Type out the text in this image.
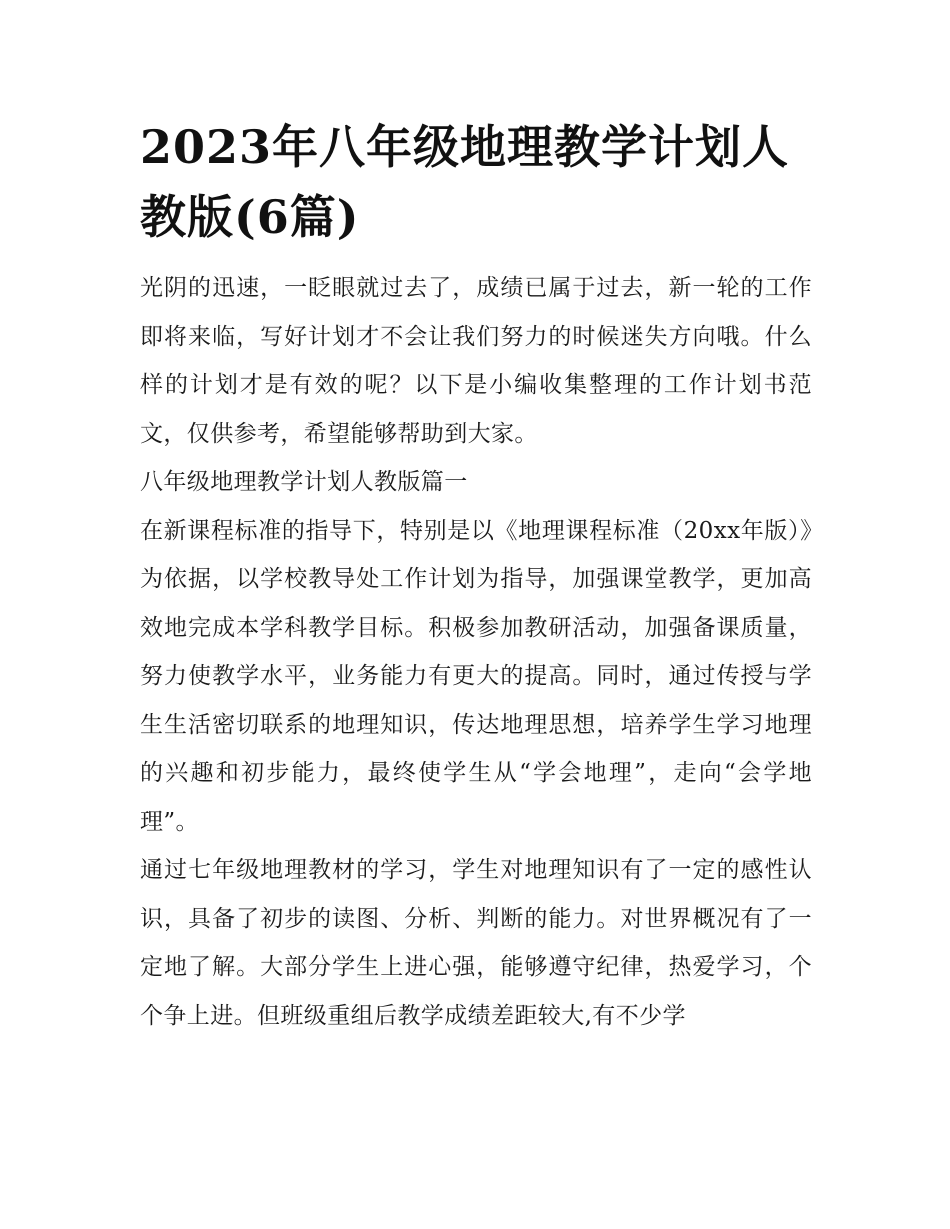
2023年八年级地理教学计划人教版(6篇)

光阴的迅速，一眨眼就过去了，成绩已属于过去，新一轮的工作即将来临，写好计划才不会让我们努力的时候迷失方向哦。什么样的计划才是有效的呢？以下是小编收集整理的工作计划书范文，仅供参考，希望能够帮助到大家。

八年级地理教学计划人教版篇一

在新课程标准的指导下，特别是以《地理课程标准（20xx年版）》为依据，以学校教导处工作计划为指导，加强课堂教学，更加高效地完成本学科教学目标。积极参加教研活动，加强备课质量，努力使教学水平，业务能力有更大的提高。同时，通过传授与学生生活密切联系的地理知识，传达地理思想，培养学生学习地理的兴趣和初步能力，最终使学生从“学会地理”，走向“会学地理”。

通过七年级地理教材的学习，学生对地理知识有了一定的感性认识，具备了初步的读图、分析、判断的能力。对世界概况有了一定地了解。大部分学生上进心强，能够遵守纪律，热爱学习，个个争上进。但班级重组后教学成绩差距较大,有不少学
